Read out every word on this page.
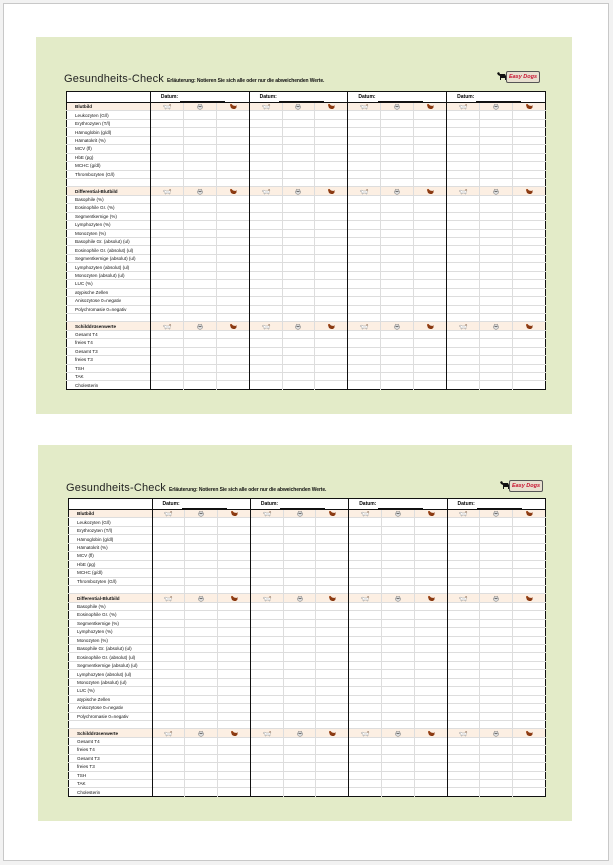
Gesundheits-Check Erläuterung: Notieren Sie sich alle oder nur die abweichenden Werte.
Easy Dogs
	Datum:			Datum:			Datum:			Datum:		
Blutbild	

Leukozyten (G/l)												
Erythrozyten (T/l)												
Hämoglobin (g/dl)												
Hämatokrit (%)												
MCV (fl)												
HbE (pg)												
MCHC (g/dl)												
Thrombozyten (G/l)												

Differential-Blutbild	

Basophile (%)												
Eosinophile Gr. (%)												
Segmentkernige (%)												
Lymphozyten (%)												
Monozyten (%)												
Basophile Gr. (absolut) (ul)												
Eosinophile Gr. (absolut) (ul)												
Segmentkernige (absolut) (ul)												
Lymphozyten (absolut) (ul)												
Monozyten (absolut) (ul)												
LUC (%)												
atypische Zellen												
Anisozytose 0=negativ												
Polychromasie 0=negativ												

Schilddrüsenwerte	

Gesamt T4												
freies T4												
Gesamt T3												
freies T3												
TSH												
TAK												
Cholesterin												
Gesundheits-Check Erläuterung: Notieren Sie sich alle oder nur die abweichenden Werte.
Easy Dogs
	Datum:			Datum:			Datum:			Datum:		
Blutbild	

Leukozyten (G/l)												
Erythrozyten (T/l)												
Hämoglobin (g/dl)												
Hämatokrit (%)												
MCV (fl)												
HbE (pg)												
MCHC (g/dl)												
Thrombozyten (G/l)												

Differential-Blutbild	

Basophile (%)												
Eosinophile Gr. (%)												
Segmentkernige (%)												
Lymphozyten (%)												
Monozyten (%)												
Basophile Gr. (absolut) (ul)												
Eosinophile Gr. (absolut) (ul)												
Segmentkernige (absolut) (ul)												
Lymphozyten (absolut) (ul)												
Monozyten (absolut) (ul)												
LUC (%)												
atypische Zellen												
Anisozytose 0=negativ												
Polychromasie 0=negativ												

Schilddrüsenwerte	

Gesamt T4												
freies T4												
Gesamt T3												
freies T3												
TSH												
TAK												
Cholesterin												
